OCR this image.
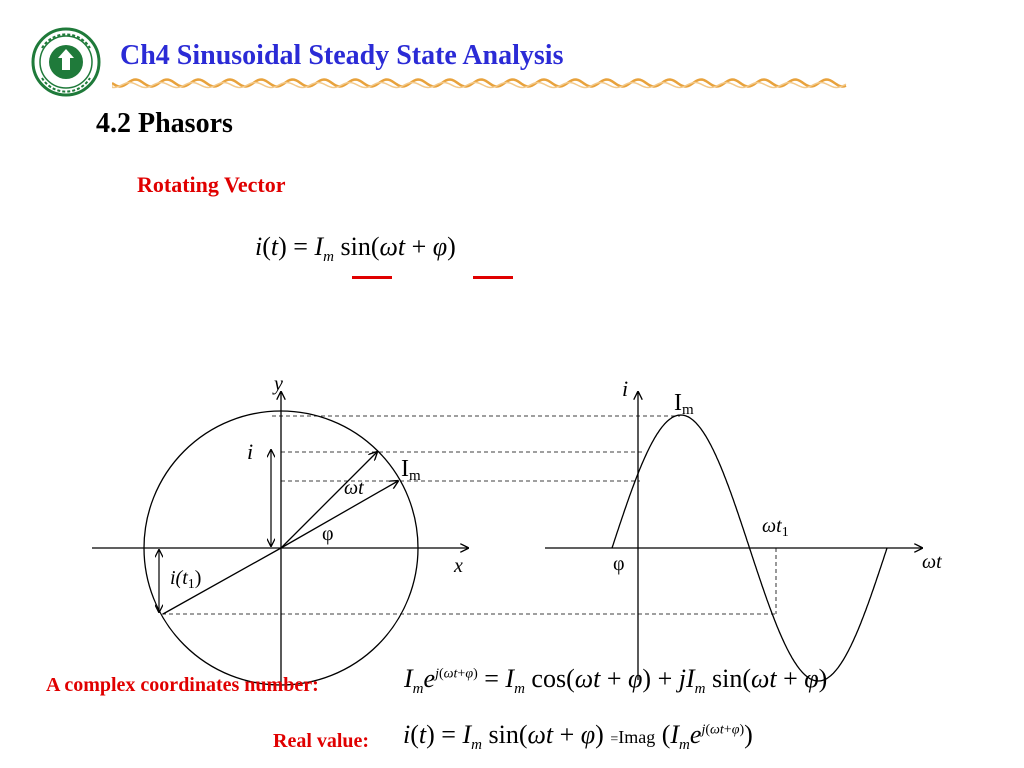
Ch4 Sinusoidal Steady State Analysis
4.2 Phasors
Rotating Vector
$i(t) = I_m$ sin(ωt + φ)
y
x
i
ωt
φ
Im
$i(t_1)$
i
ωt
Im
$\omega t_1$
φ
A complex coordinates number:	$I_me^{j(\omega t+\varphi)} = I_m$ $\cos(\omega t + \varphi) + jI_m$ sin(ωt + φ)
Real value: $i(t) = I_m$ sin(ωt + φ) =Imag $(I_me^{j(\omega t+\varphi)})$
